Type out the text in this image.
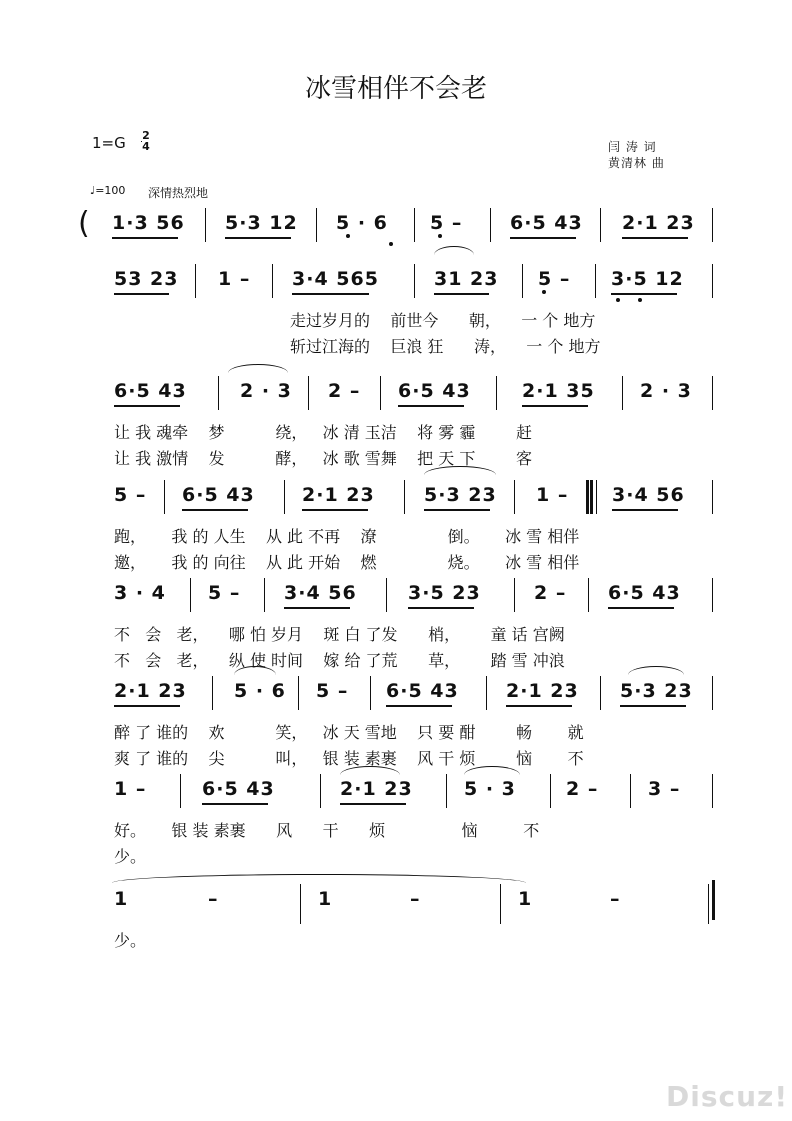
冰雪相伴不会老
1=G 2
4	闫 涛 词
黄清林 曲
♩=100 深情热烈地
( 1·3 56 5·3 12 5 · 6 5 –	6·5 43 2·1 23
53 23 1 – 3·4 565	31 23 5 – 3·5 12
走过岁月的    前世今      朝，    一 个 地方
斩过江海的    巨浪 狂      涛，    一 个 地方
6·5 43	2 · 3 2 – 6·5 43	2·1 35 2 · 3
让 我 魂牵    梦          绕，   冰 清 玉洁    将 雾 霾        赶
让 我 激情    发          酵，   冰 歌 雪舞    把 天 下        客
5 – 6·5 43 2·1 23	5·3 23 1 – 3·4 56
跑，     我 的 人生    从 此 不再    潦              倒。     冰 雪 相伴
邀，     我 的 向往    从 此 开始    燃              烧。     冰 雪 相伴
3 · 4 5 – 3·4 56	3·5 23	2 – 6·5 43
不   会   老，    哪 怕 岁月    斑 白 了发      梢，      童 话 宫阙
不   会   老，    纵 使 时间    嫁 给 了荒      草，      踏 雪 冲浪
2·1 23 5 · 6 5 – 6·5 43 2·1 23 5·3 23
醉 了 谁的    欢          笑，   冰 天 雪地    只 要 酣        畅       就
爽 了 谁的    尖          叫，   银 装 素裹    风 干 烦        恼       不
1 –	6·5 43	2·1 23	5 · 3	2 –	3 –
好。     银 装 素裹      风      干      烦               恼         不
少。
1	–	1	–	1	–
少。
Discuz!
